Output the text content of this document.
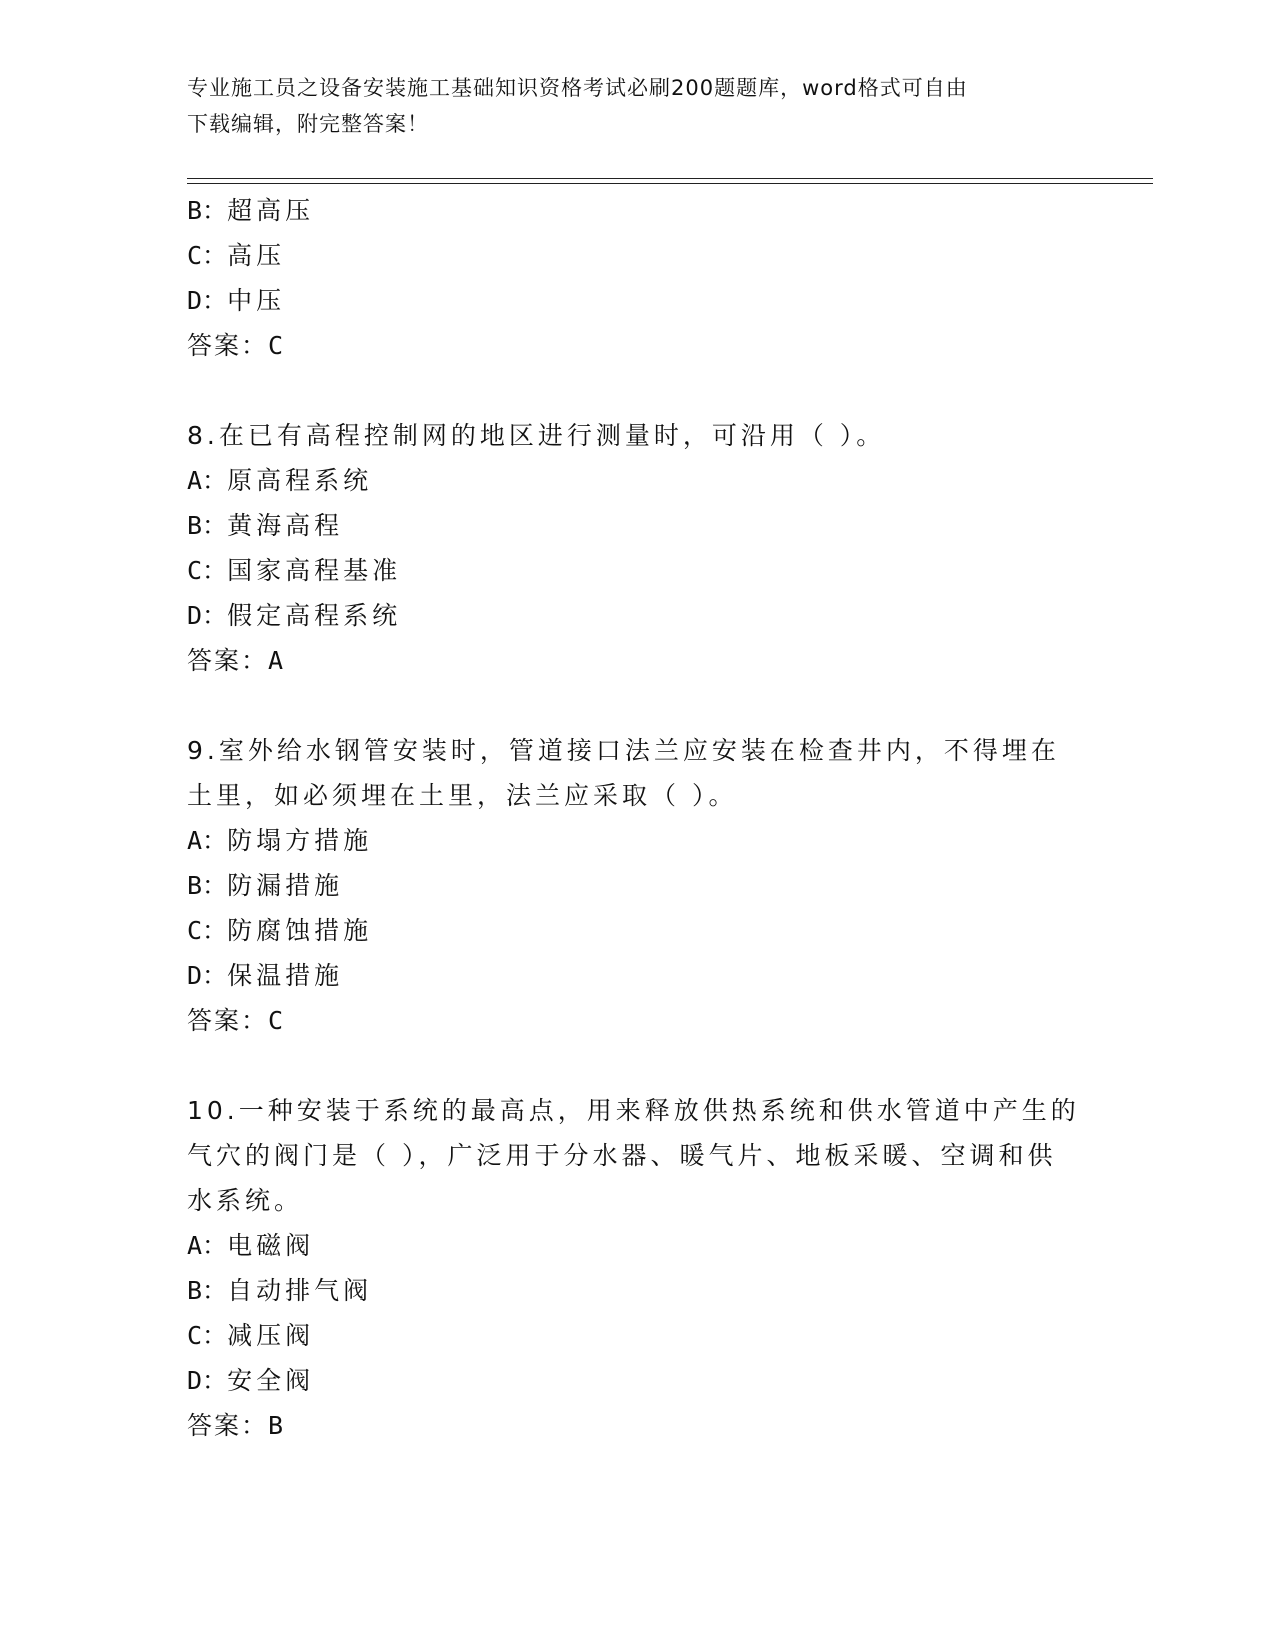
专业施工员之设备安装施工基础知识资格考试必刷200题题库，word格式可自由
下载编辑，附完整答案！
B：超高压
C：高压
D：中压
答案：C
8.在已有高程控制网的地区进行测量时，可沿用（ ）。
A：原高程系统
B：黄海高程
C：国家高程基准
D：假定高程系统
答案：A
9.室外给水钢管安装时，管道接口法兰应安装在检查井内，不得埋在
土里，如必须埋在土里，法兰应采取（ ）。
A：防塌方措施
B：防漏措施
C：防腐蚀措施
D：保温措施
答案：C
10.一种安装于系统的最高点，用来释放供热系统和供水管道中产生的
气穴的阀门是（ ），广泛用于分水器、暖气片、地板采暖、空调和供
水系统。
A：电磁阀
B：自动排气阀
C：减压阀
D：安全阀
答案：B
